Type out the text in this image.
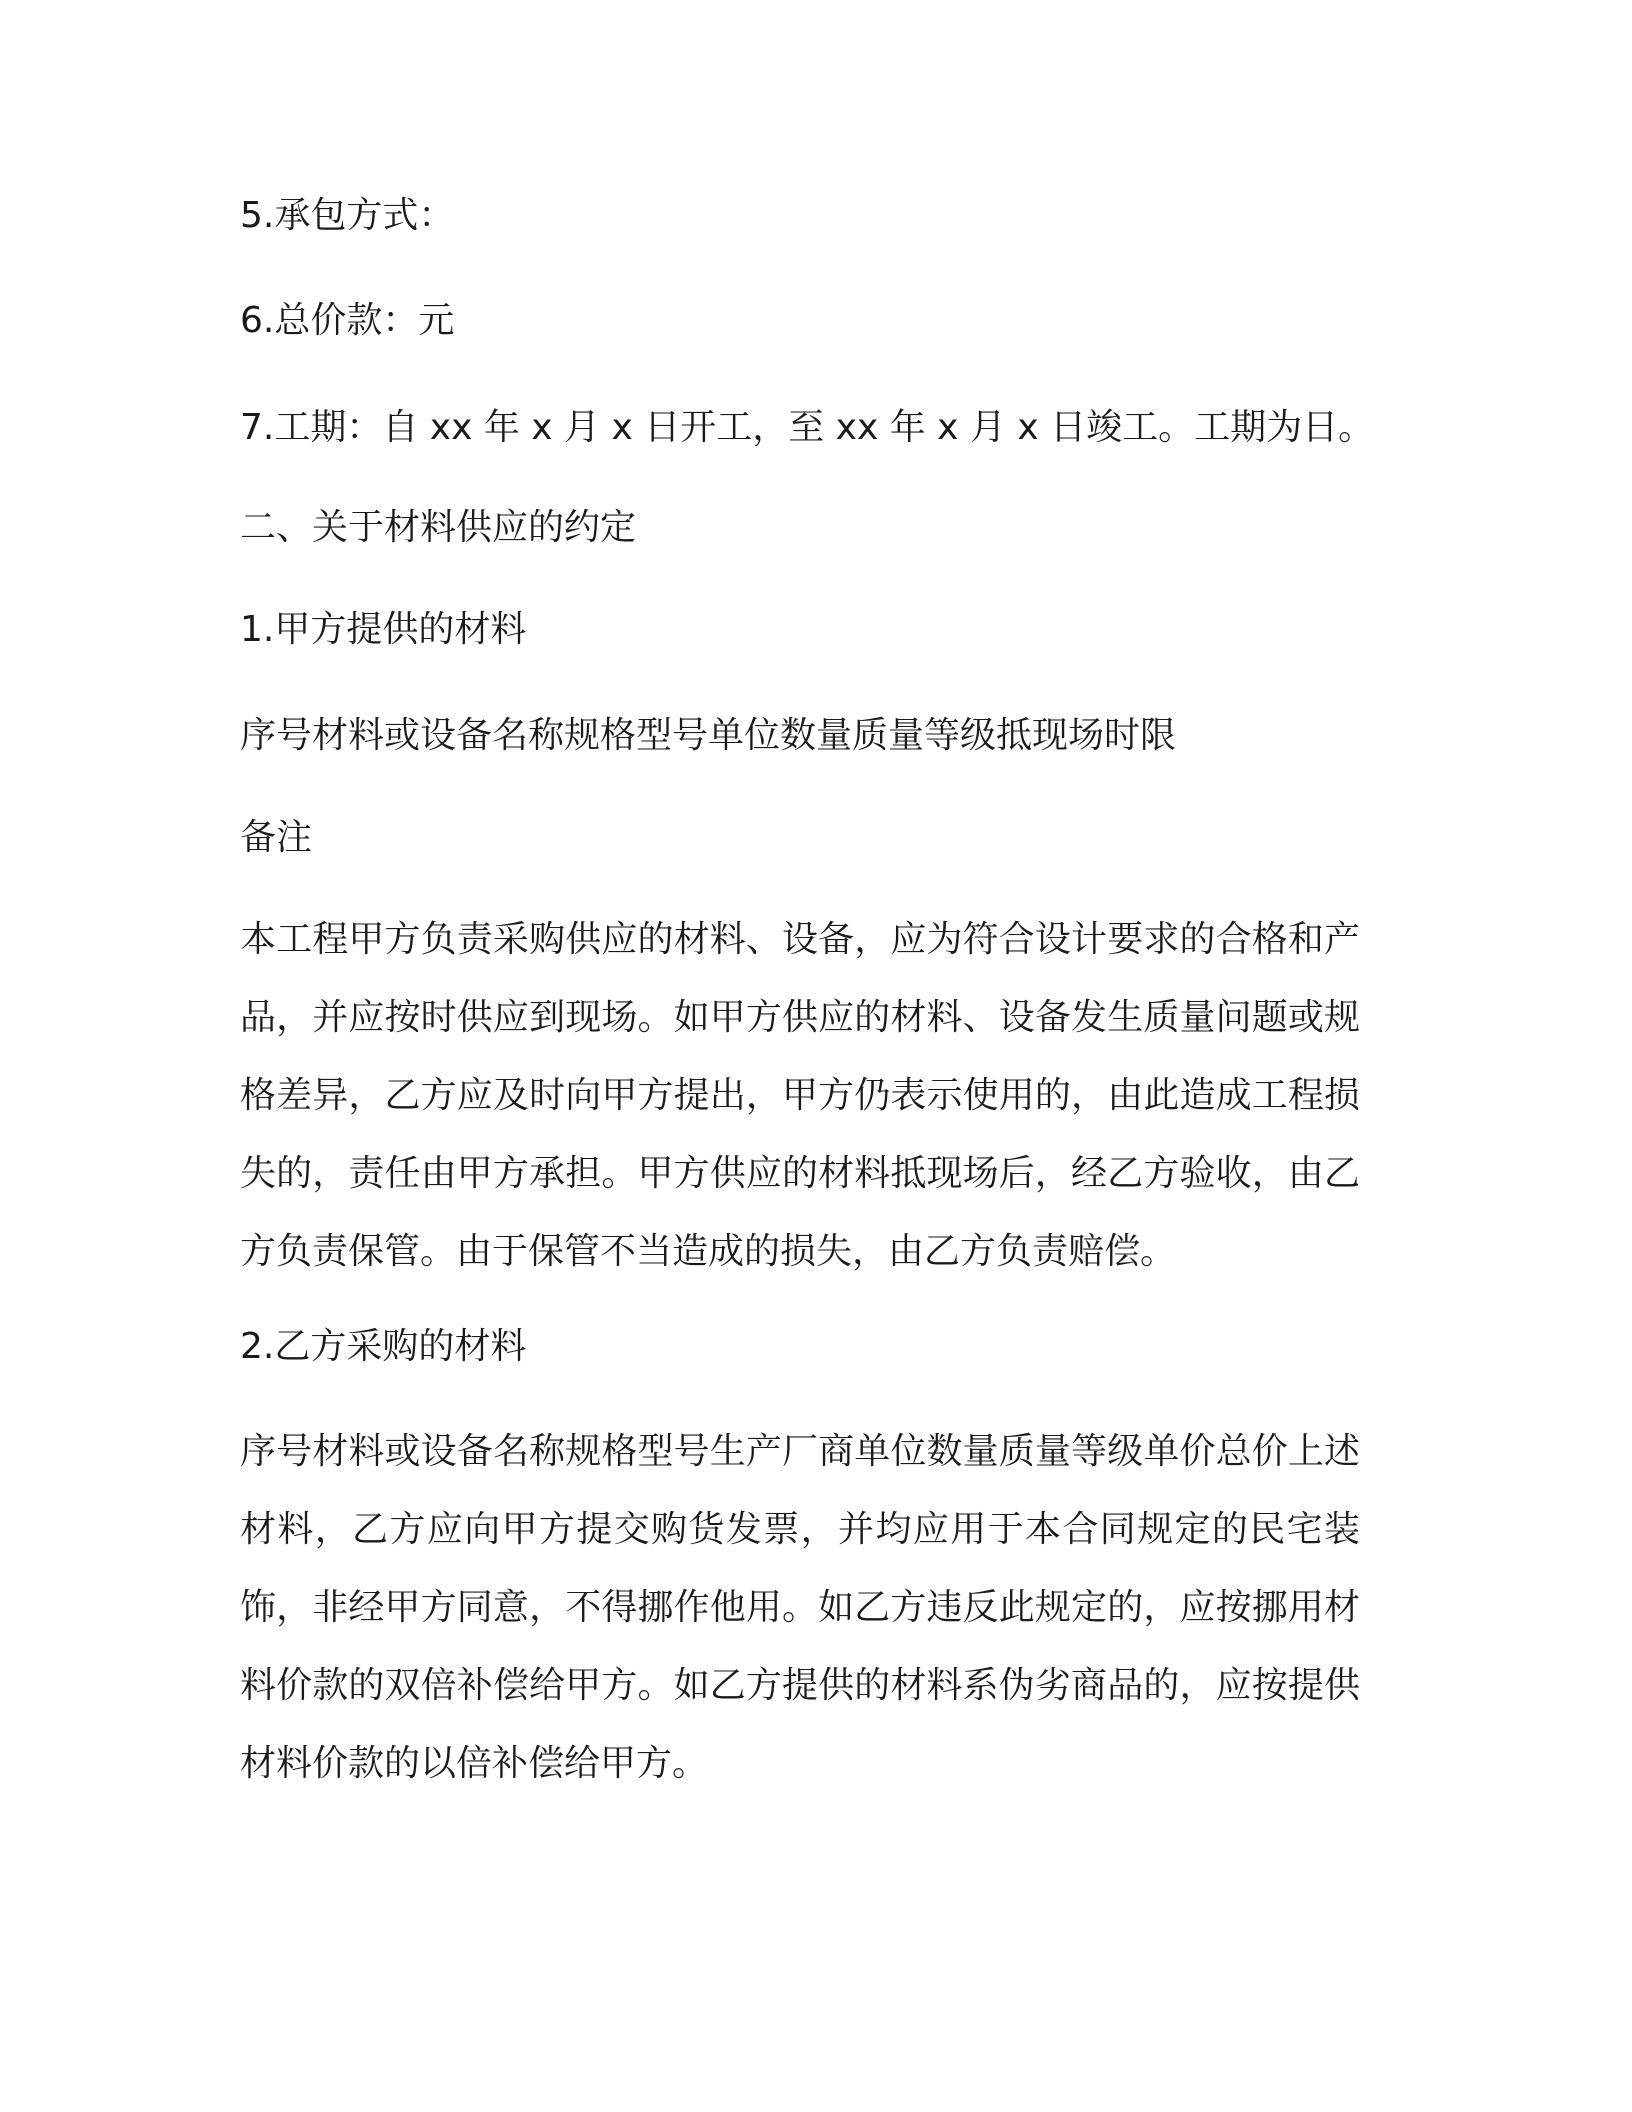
5.承包方式：

6.总价款：元

7.工期：自 xx 年 x 月 x 日开工，至 xx 年 x 月 x 日竣工。工期为日。

二、关于材料供应的约定

1.甲方提供的材料

序号材料或设备名称规格型号单位数量质量等级抵现场时限

备注

本工程甲方负责采购供应的材料、设备，应为符合设计要求的合格和产品，并应按时供应到现场。如甲方供应的材料、设备发生质量问题或规格差异，乙方应及时向甲方提出，甲方仍表示使用的，由此造成工程损失的，责任由甲方承担。甲方供应的材料抵现场后，经乙方验收，由乙方负责保管。由于保管不当造成的损失，由乙方负责赔偿。

2.乙方采购的材料

序号材料或设备名称规格型号生产厂商单位数量质量等级单价总价上述材料，乙方应向甲方提交购货发票，并均应用于本合同规定的民宅装饰，非经甲方同意，不得挪作他用。如乙方违反此规定的，应按挪用材料价款的双倍补偿给甲方。如乙方提供的材料系伪劣商品的，应按提供材料价款的以倍补偿给甲方。
